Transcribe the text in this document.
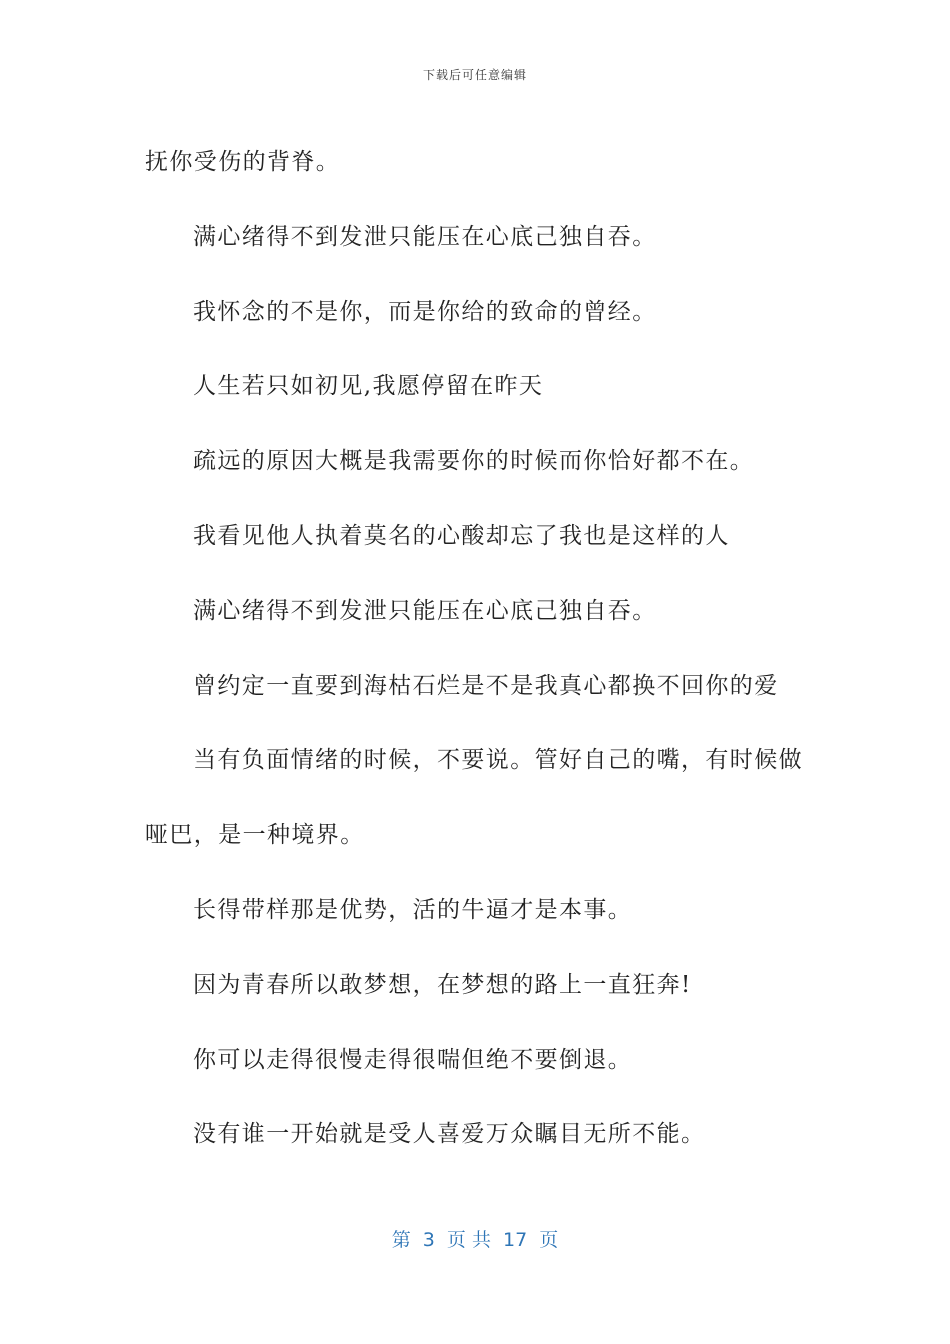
下载后可任意编辑

抚你受伤的背脊。

满心绪得不到发泄只能压在心底己独自吞。

我怀念的不是你，而是你给的致命的曾经。

人生若只如初见,我愿停留在昨天

疏远的原因大概是我需要你的时候而你恰好都不在。

我看见他人执着莫名的心酸却忘了我也是这样的人

满心绪得不到发泄只能压在心底己独自吞。

曾约定一直要到海枯石烂是不是我真心都换不回你的爱

当有负面情绪的时候，不要说。管好自己的嘴，有时候做哑巴，是一种境界。

长得带样那是优势，活的牛逼才是本事。

因为青春所以敢梦想，在梦想的路上一直狂奔!

你可以走得很慢走得很喘但绝不要倒退。

没有谁一开始就是受人喜爱万众瞩目无所不能。

第  3  页 共  17  页
